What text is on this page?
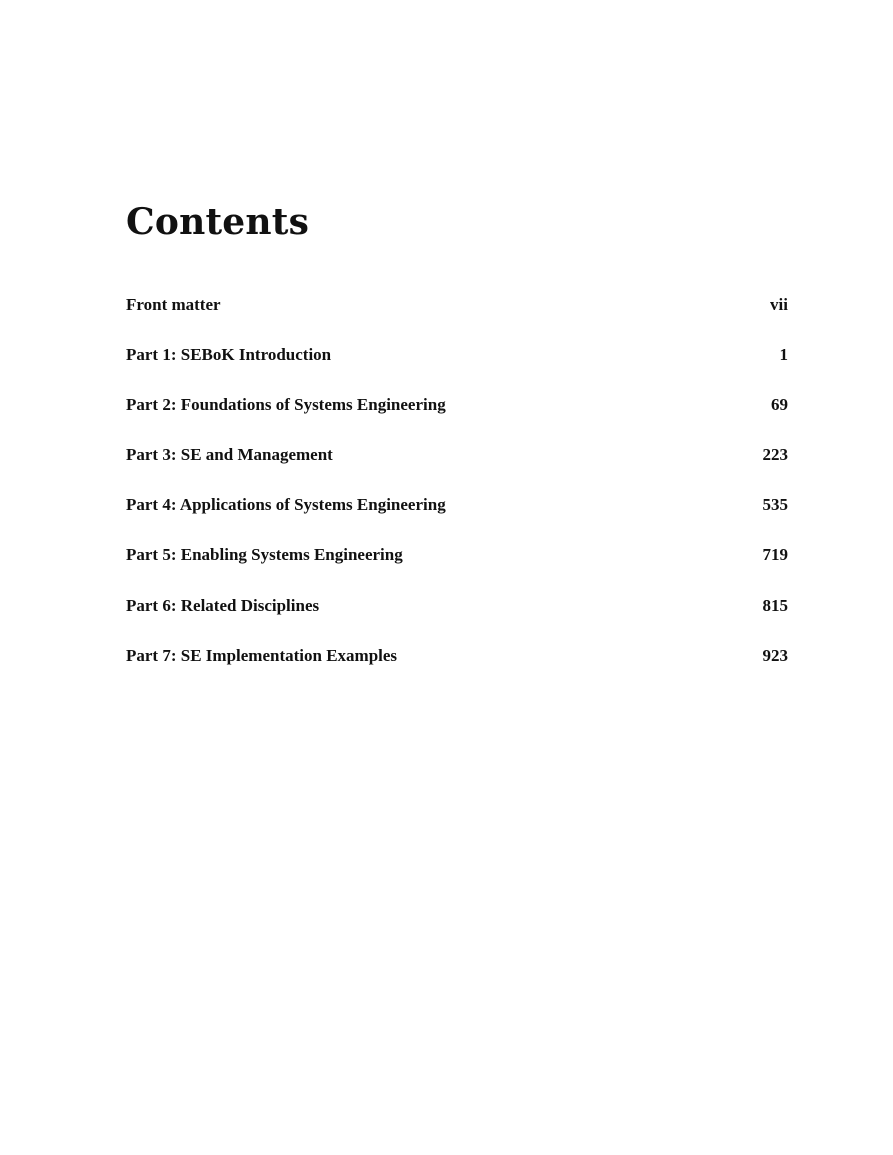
Contents
Front matter	vii
Part 1: SEBoK Introduction	1
Part 2: Foundations of Systems Engineering	69
Part 3: SE and Management	223
Part 4: Applications of Systems Engineering	535
Part 5: Enabling Systems Engineering	719
Part 6: Related Disciplines	815
Part 7: SE Implementation Examples	923
